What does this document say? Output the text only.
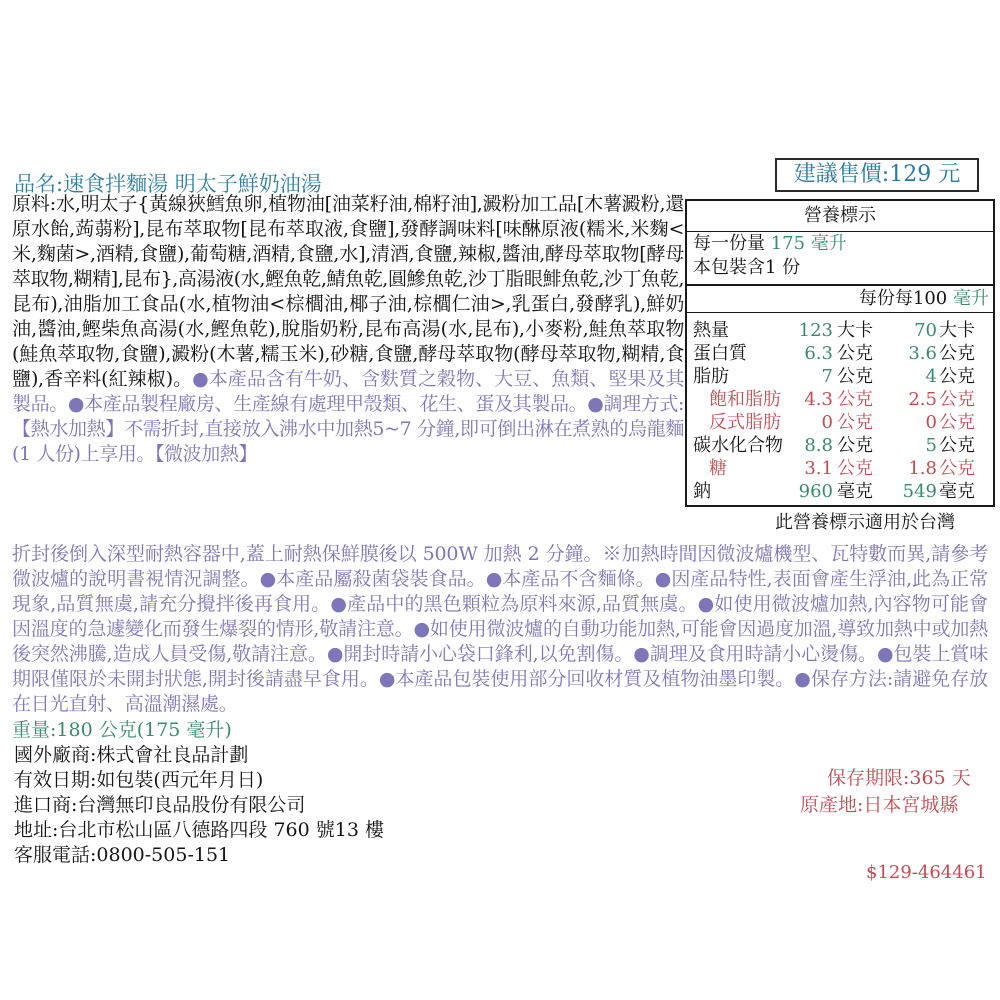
品名:速食拌麵湯 明太子鮮奶油湯	建議售價:129 元
原料:水,明太子{黃線狹鱈魚卵,植物油[油菜籽油,棉籽油],澱粉加工品[木薯澱粉,還原水飴,蒟蒻粉],昆布萃取物[昆布萃取液,食鹽],發酵調味料[味醂原液(糯米,米麴<米,麴菌>,酒精,食鹽),葡萄糖,酒精,食鹽,水],清酒,食鹽,辣椒,醬油,酵母萃取物[酵母萃取物,糊精],昆布},高湯液(水,鰹魚乾,鯖魚乾,圓鰺魚乾,沙丁脂眼鯡魚乾,沙丁魚乾,昆布),油脂加工食品(水,植物油<棕櫚油,椰子油,棕櫚仁油>,乳蛋白,發酵乳),鮮奶油,醬油,鰹柴魚高湯(水,鰹魚乾),脫脂奶粉,昆布高湯(水,昆布),小麥粉,鮭魚萃取物(鮭魚萃取物,食鹽),澱粉(木薯,糯玉米),砂糖,食鹽,酵母萃取物(酵母萃取物,糊精,食鹽),香辛料(紅辣椒)。●本產品含有牛奶、含麩質之穀物、大豆、魚類、堅果及其製品。●本產品製程廠房、生產線有處理甲殼類、花生、蛋及其製品。●調理方式:【熱水加熱】不需折封,直接放入沸水中加熱5~7 分鐘,即可倒出淋在煮熟的烏龍麵(1 人份)上享用。【微波加熱】
折封後倒入深型耐熱容器中,蓋上耐熱保鮮膜後以 500W 加熱 2 分鐘。※加熱時間因微波爐機型、瓦特數而異,請參考微波爐的說明書視情況調整。●本產品屬殺菌袋裝食品。●本產品不含麵條。●因產品特性,表面會產生浮油,此為正常現象,品質無虞,請充分攪拌後再食用。●產品中的黑色顆粒為原料來源,品質無虞。●如使用微波爐加熱,內容物可能會因溫度的急遽變化而發生爆裂的情形,敬請注意。●如使用微波爐的自動功能加熱,可能會因過度加溫,導致加熱中或加熱後突然沸騰,造成人員受傷,敬請注意。●開封時請小心袋口鋒利,以免割傷。●調理及食用時請小心燙傷。●包裝上賞味期限僅限於未開封狀態,開封後請盡早食用。●本產品包裝使用部分回收材質及植物油墨印製。●保存方法:請避免存放在日光直射、高溫潮濕處。
重量:180 公克(175 毫升)
營養標示
每一份量 175 毫升
本包裝含1 份
每份每100 毫升
熱量	123 大卡	70 大卡
蛋白質	6.3 公克	3.6 公克
脂肪	7 公克	4 公克
飽和脂肪	4.3 公克	2.5 公克
反式脂肪	0 公克	0 公克
碳水化合物	8.8 公克	5 公克
糖	3.1 公克	1.8 公克
鈉	960 毫克	549 毫克
此營養標示適用於台灣
國外廠商:株式會社良品計劃
有效日期:如包裝(西元年月日)
進口商:台灣無印良品股份有限公司
地址:台北市松山區八德路四段 760 號13 樓
客服電話:0800-505-151
保存期限:365 天
原產地:日本宮城縣
$129-464461
